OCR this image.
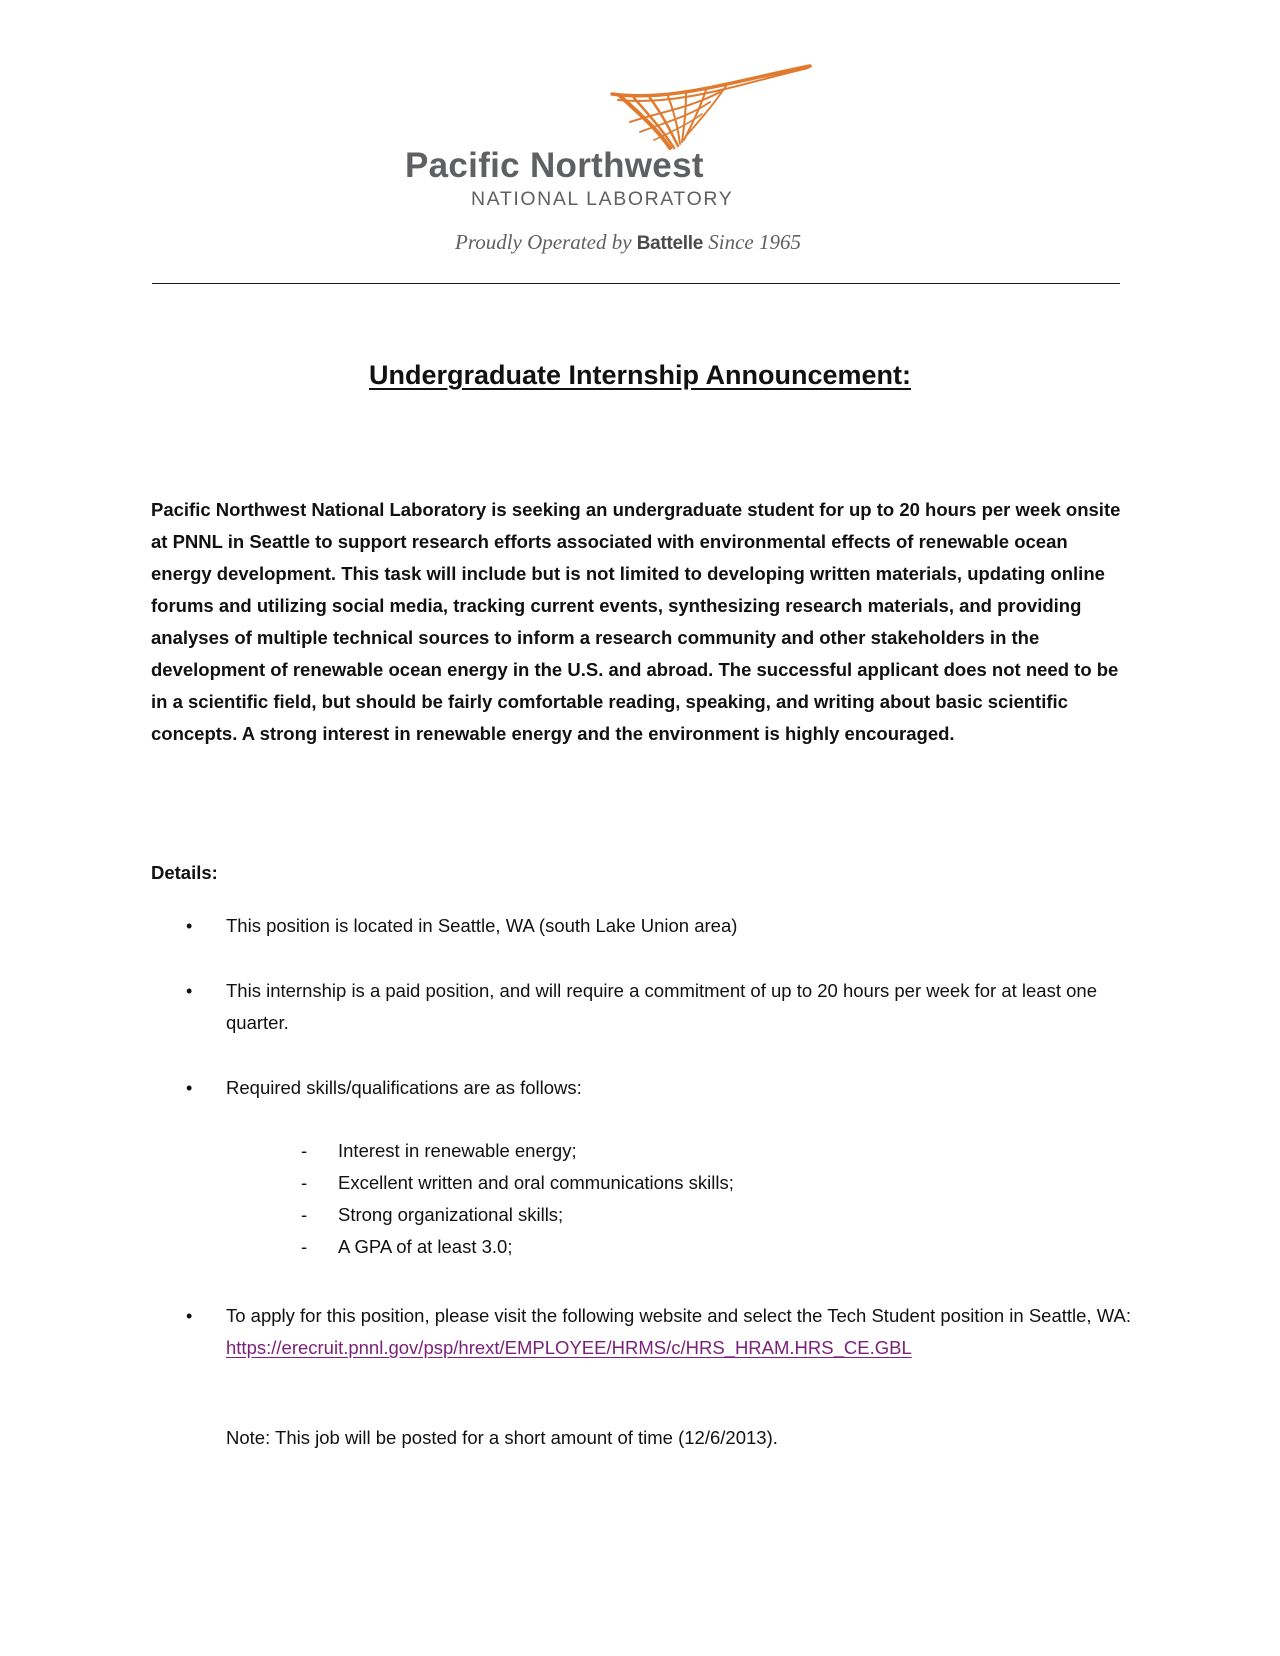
Pacific Northwest
NATIONAL LABORATORY
Proudly Operated by Battelle Since 1965
Undergraduate Internship Announcement:

Pacific Northwest National Laboratory is seeking an undergraduate student for up to 20 hours per week onsite at PNNL in Seattle to support research efforts associated with environmental effects of renewable ocean energy development. This task will include but is not limited to developing written materials, updating online forums and utilizing social media, tracking current events, synthesizing research materials, and providing analyses of multiple technical sources to inform a research community and other stakeholders in the development of renewable ocean energy in the U.S. and abroad. The successful applicant does not need to be in a scientific field, but should be fairly comfortable reading, speaking, and writing about basic scientific concepts. A strong interest in renewable energy and the environment is highly encouraged.

Details:
• This position is located in Seattle, WA (south Lake Union area)
• This internship is a paid position, and will require a commitment of up to 20 hours per week for at least one quarter.
• Required skills/qualifications are as follows:
- Interest in renewable energy;
- Excellent written and oral communications skills;
- Strong organizational skills;
- A GPA of at least 3.0;
• To apply for this position, please visit the following website and select the Tech Student position in Seattle, WA:
https://erecruit.pnnl.gov/psp/hrext/EMPLOYEE/HRMS/c/HRS_HRAM.HRS_CE.GBL
Note: This job will be posted for a short amount of time (12/6/2013).
